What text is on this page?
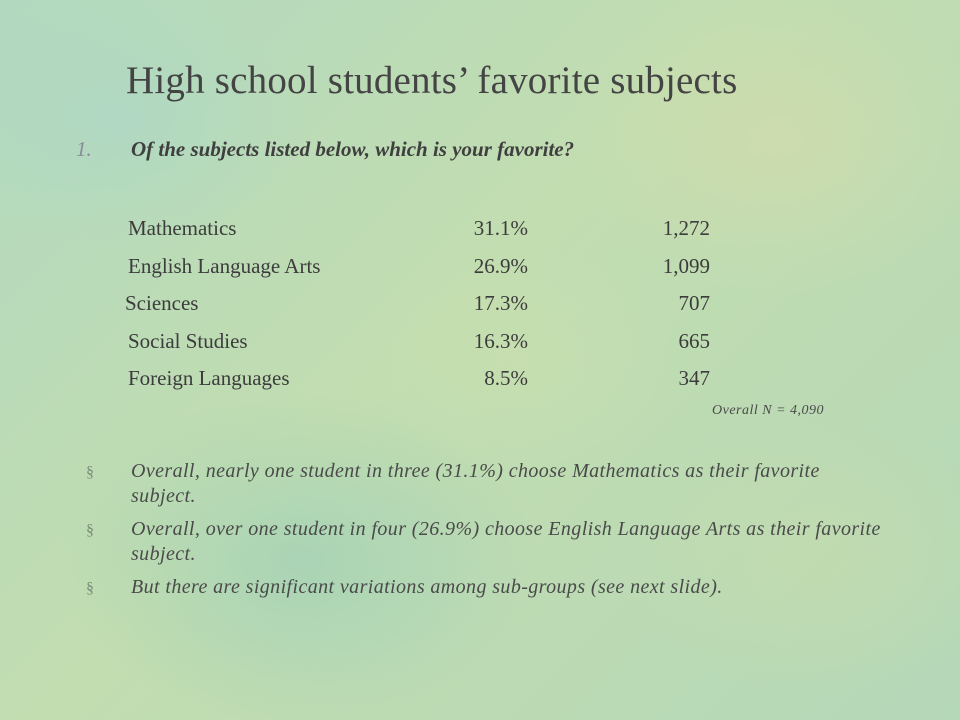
High school students’ favorite subjects
1. Of the subjects listed below, which is your favorite?
Mathematics	31.1%	1,272
English Language Arts	26.9%	1,099
Sciences	17.3%	707
Social Studies	16.3%	665
Foreign Languages	8.5%	347
Overall N = 4,090
§ Overall, nearly one student in three (31.1%) choose Mathematics as their favorite subject.
§ Overall, over one student in four (26.9%) choose English Language Arts as their favorite subject.
§ But there are significant variations among sub-groups (see next slide).
